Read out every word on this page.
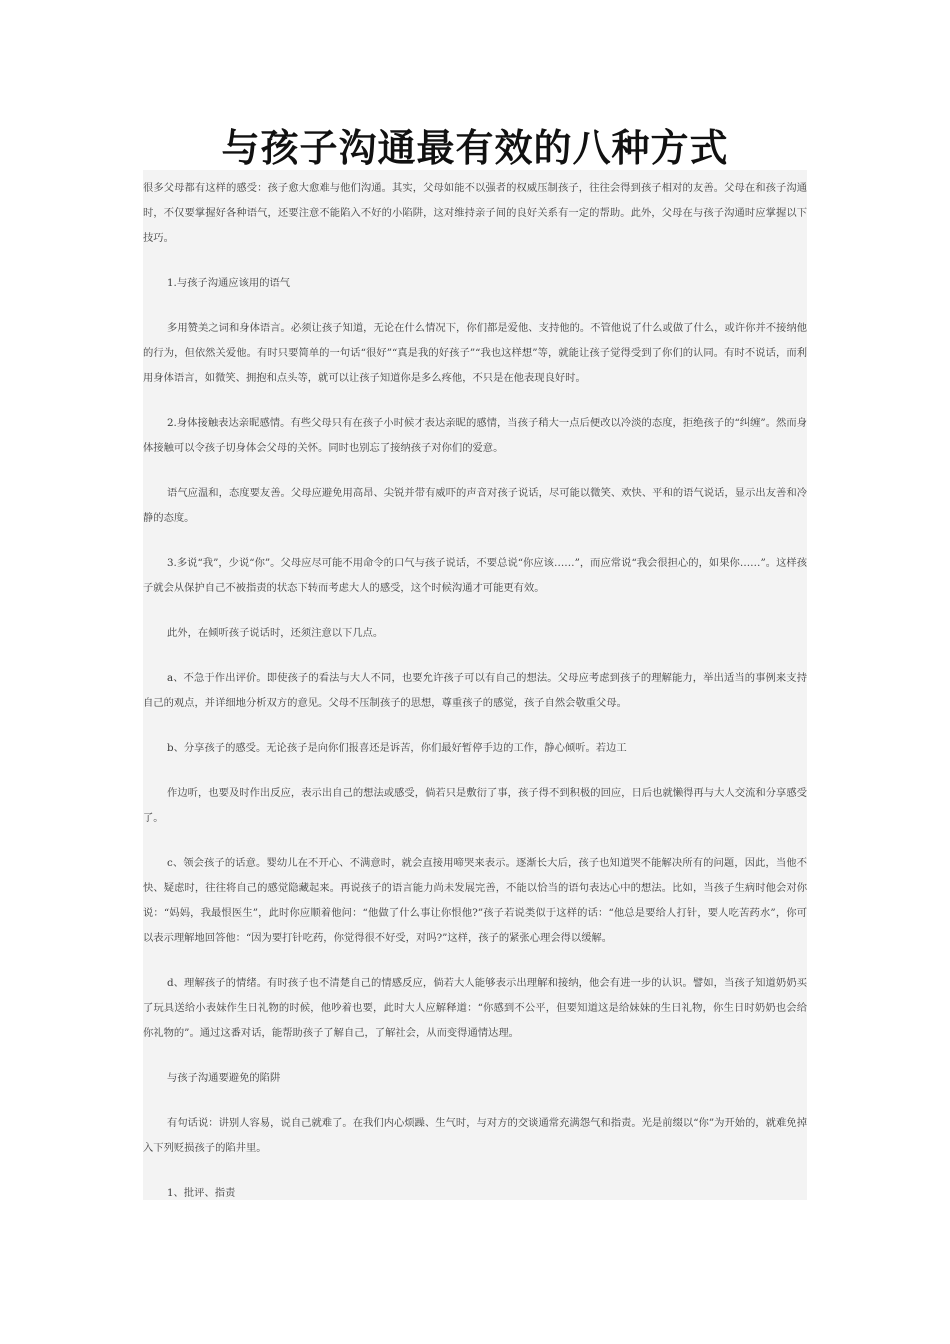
与孩子沟通最有效的八种方式

很多父母都有这样的感受：孩子愈大愈难与他们沟通。其实，父母如能不以强者的权威压制孩子，往往会得到孩子相对的友善。父母在和孩子沟通时，不仅要掌握好各种语气，还要注意不能陷入不好的小陷阱，这对维持亲子间的良好关系有一定的帮助。此外，父母在与孩子沟通时应掌握以下技巧。

1.与孩子沟通应该用的语气

多用赞美之词和身体语言。必须让孩子知道，无论在什么情况下，你们都是爱他、支持他的。不管他说了什么或做了什么，或许你并不接纳他的行为，但依然关爱他。有时只要简单的一句话“很好”“真是我的好孩子”“我也这样想”等，就能让孩子觉得受到了你们的认同。有时不说话，而利用身体语言，如微笑、拥抱和点头等，就可以让孩子知道你是多么疼他，不只是在他表现良好时。

2.身体接触表达亲昵感情。有些父母只有在孩子小时候才表达亲昵的感情，当孩子稍大一点后便改以冷淡的态度，拒绝孩子的“纠缠”。然而身体接触可以令孩子切身体会父母的关怀。同时也别忘了接纳孩子对你们的爱意。

语气应温和，态度要友善。父母应避免用高昂、尖锐并带有威吓的声音对孩子说话，尽可能以微笑、欢快、平和的语气说话，显示出友善和冷静的态度。

3.多说“我”，少说“你”。父母应尽可能不用命令的口气与孩子说话，不要总说“你应该……”，而应常说“我会很担心的，如果你……”。这样孩子就会从保护自己不被指责的状态下转而考虑大人的感受，这个时候沟通才可能更有效。

此外，在倾听孩子说话时，还须注意以下几点。

a、不急于作出评价。即使孩子的看法与大人不同，也要允许孩子可以有自己的想法。父母应考虑到孩子的理解能力，举出适当的事例来支持自己的观点，并详细地分析双方的意见。父母不压制孩子的思想，尊重孩子的感觉，孩子自然会敬重父母。

b、分享孩子的感受。无论孩子是向你们报喜还是诉苦，你们最好暂停手边的工作，静心倾听。若边工

作边听，也要及时作出反应，表示出自己的想法或感受，倘若只是敷衍了事，孩子得不到积极的回应，日后也就懒得再与大人交流和分享感受了。

c、领会孩子的话意。婴幼儿在不开心、不满意时，就会直接用啼哭来表示。逐渐长大后，孩子也知道哭不能解决所有的问题，因此，当他不快、疑虑时，往往将自己的感觉隐藏起来。再说孩子的语言能力尚未发展完善，不能以恰当的语句表达心中的想法。比如，当孩子生病时他会对你说：“妈妈，我最恨医生”，此时你应顺着他问：“他做了什么事让你恨他?”孩子若说类似于这样的话：“他总是要给人打针，要人吃苦药水”，你可以表示理解地回答他：“因为要打针吃药，你觉得很不好受，对吗?”这样，孩子的紧张心理会得以缓解。

d、理解孩子的情绪。有时孩子也不清楚自己的情感反应，倘若大人能够表示出理解和接纳，他会有进一步的认识。譬如，当孩子知道奶奶买了玩具送给小表妹作生日礼物的时候，他吵着也要，此时大人应解释道：“你感到不公平，但要知道这是给妹妹的生日礼物，你生日时奶奶也会给你礼物的”。通过这番对话，能帮助孩子了解自己，了解社会，从而变得通情达理。

与孩子沟通要避免的陷阱

有句话说：讲别人容易，说自己就难了。在我们内心烦躁、生气时，与对方的交谈通常充满怨气和指责。光是前缀以“你”为开始的，就难免掉入下列贬损孩子的陷井里。

1、批评、指责
